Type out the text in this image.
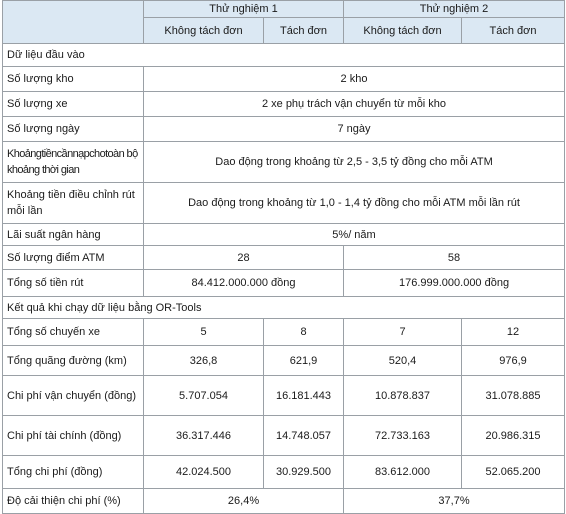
	Thử nghiệm 1		Thử nghiệm 2	
	Không tách đơn	Tách đơn	Không tách đơn	Tách đơn
Dữ liệu đầu vào				
Số lượng kho	2 kho			
Số lượng xe	2 xe phụ trách vận chuyển từ mỗi kho			
Số lượng ngày	7 ngày			
Khoảngtiềncầnnạpchotoàn bộ khoảng thời gian	Dao động trong khoảng từ 2,5 - 3,5 tỷ đồng cho mỗi ATM			
Khoảng tiền điều chỉnh rút mỗi lần	Dao động trong khoảng từ 1,0 - 1,4 tỷ đồng cho mỗi ATM mỗi lần rút			
Lãi suất ngân hàng	5%/ năm			
Số lượng điểm ATM	28		58	
Tổng số tiền rút	84.412.000.000 đồng		176.999.000.000 đồng	
Kết quả khi chạy dữ liệu bằng OR-Tools				
Tổng số chuyến xe	5	8	7	12
Tổng quãng đường (km)	326,8	621,9	520,4	976,9
Chi phí vận chuyển (đồng)	5.707.054	16.181.443	10.878.837	31.078.885
Chi phí tài chính (đồng)	36.317.446	14.748.057	72.733.163	20.986.315
Tổng chi phí (đồng)	42.024.500	30.929.500	83.612.000	52.065.200
Độ cải thiện chi phí (%)	26,4%		37,7%	
